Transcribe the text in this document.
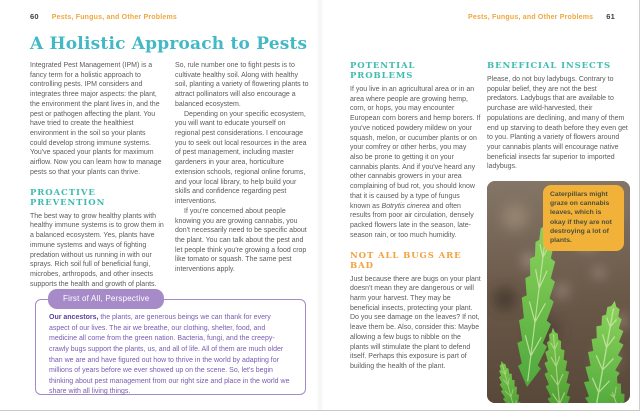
60 Pests, Fungus, and Other Problems
A Holistic Approach to Pests

Integrated Pest Management (IPM) is a fancy term for a holistic approach to controlling pests. IPM considers and integrates three major aspects: the plant, the environment the plant lives in, and the pest or pathogen affecting the plant. You have tried to create the healthiest environment in the soil so your plants could develop strong immune systems. You've spaced your plants for maximum airflow. Now you can learn how to manage pests so that your plants can thrive.

PROACTIVE PREVENTION

The best way to grow healthy plants with healthy immune systems is to grow them in a balanced ecosystem. Yes, plants have immune systems and ways of fighting predation without us running in with our sprays. Rich soil full of beneficial fungi, microbes, arthropods, and other insects supports the health and growth of plants.

So, rule number one to fight pests is to cultivate healthy soil. Along with healthy soil, planting a variety of flowering plants to attract pollinators will also encourage a balanced ecosystem.

Depending on your specific ecosystem, you will want to educate yourself on regional pest considerations. I encourage you to seek out local resources in the area of pest management, including master gardeners in your area, horticulture extension schools, regional online forums, and your local library, to help build your skills and confidence regarding pest interventions.

If you're concerned about people knowing you are growing cannabis, you don't necessarily need to be specific about the plant. You can talk about the pest and let people think you're growing a food crop like tomato or squash. The same pest interventions apply.

First of All, Perspective

Our ancestors, the plants, are generous beings we can thank for every aspect of our lives. The air we breathe, our clothing, shelter, food, and medicine all come from the green nation. Bacteria, fungi, and the creepy-crawly bugs support the plants, us, and all of life. All of them are much older than we are and have figured out how to thrive in the world by adapting for millions of years before we ever showed up on the scene. So, let's begin thinking about pest management from our right size and place in the world we share with all living things.

Pests, Fungus, and Other Problems 61
POTENTIAL PROBLEMS

If you live in an agricultural area or in an area where people are growing hemp, corn, or hops, you may encounter European corn borers and hemp borers. If you've noticed powdery mildew on your squash, melon, or cucumber plants or on your comfrey or other herbs, you may also be prone to getting it on your cannabis plants. And if you've heard any other cannabis growers in your area complaining of bud rot, you should know that it is caused by a type of fungus known as Botrytis cinerea and often results from poor air circulation, densely packed flowers late in the season, late-season rain, or too much humidity.

NOT ALL BUGS ARE BAD

Just because there are bugs on your plant doesn't mean they are dangerous or will harm your harvest. They may be beneficial insects, protecting your plant. Do you see damage on the leaves? If not, leave them be. Also, consider this: Maybe allowing a few bugs to nibble on the plants will stimulate the plant to defend itself. Perhaps this exposure is part of building the health of the plant.

BENEFICIAL INSECTS

Please, do not buy ladybugs. Contrary to popular belief, they are not the best predators. Ladybugs that are available to purchase are wild-harvested, their populations are declining, and many of them end up starving to death before they even get to you. Planting a variety of flowers around your cannabis plants will encourage native beneficial insects far superior to imported ladybugs.

Caterpillars might graze on cannabis leaves, which is okay if they are not destroying a lot of plants.
